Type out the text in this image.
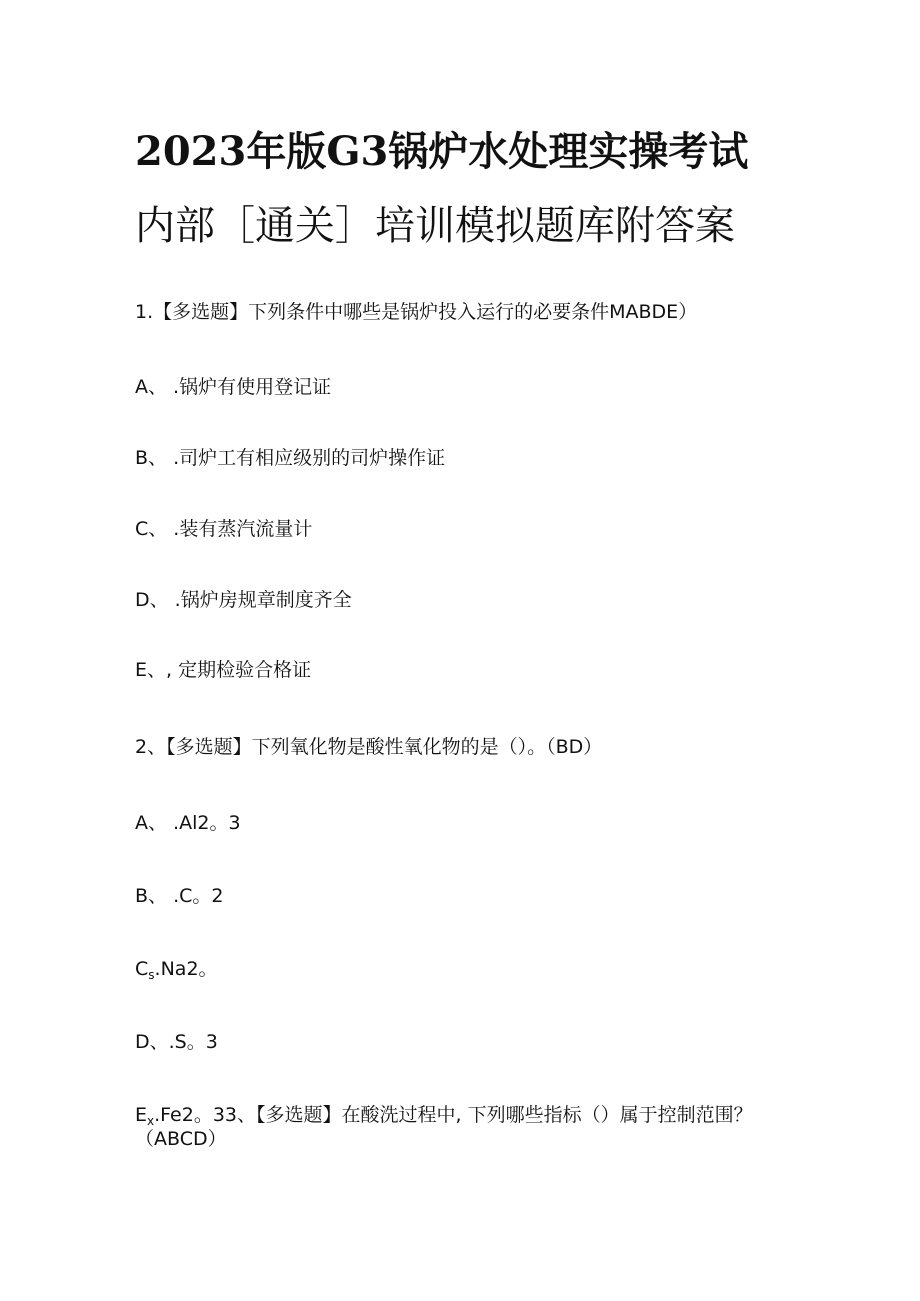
2023年版G3锅炉水处理实操考试
内部［通关］培训模拟题库附答案

1.【多选题】下列条件中哪些是锅炉投入运行的必要条件MABDE）

A、 .锅炉有使用登记证

B、 .司炉工有相应级别的司炉操作证

C、 .装有蒸汽流量计

D、 .锅炉房规章制度齐全

E、, 定期检验合格证

2、【多选题】下列氧化物是酸性氧化物的是（）。（BD）

A、 .Al2。3

B、 .C。2

$C_s.Na2$。

D、.S。3

$E_x.Fe2$。33、【多选题】在酸洗过程中, 下列哪些指标（）属于控制范围？（ABCD）
